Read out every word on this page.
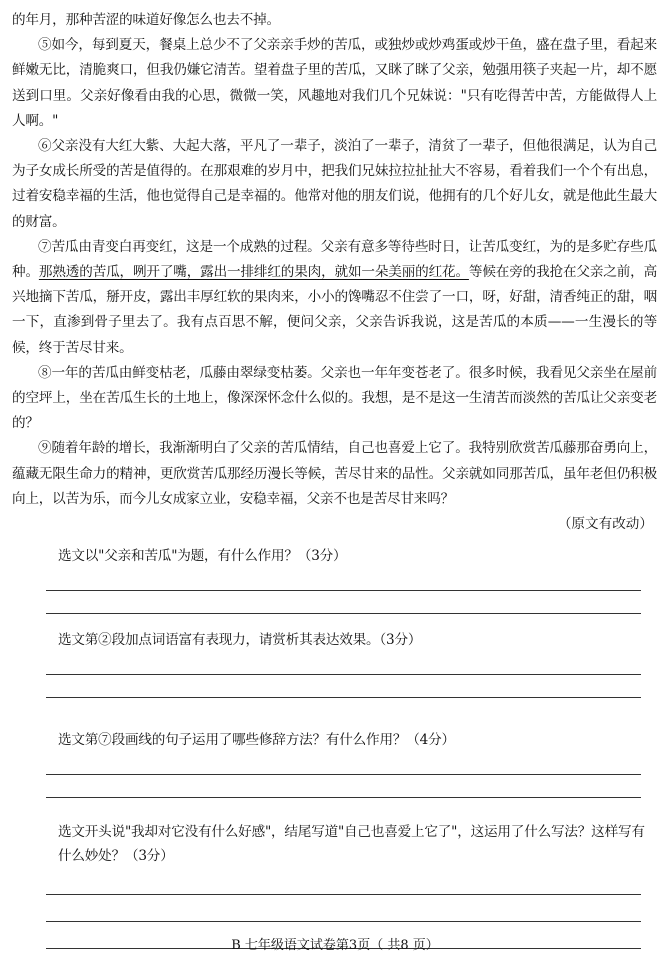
的年月，那种苦涩的味道好像怎么也去不掉。

⑤如今，每到夏天，餐桌上总少不了父亲亲手炒的苦瓜，或独炒或炒鸡蛋或炒干鱼，盛在盘子里，看起来鲜嫩无比，清脆爽口，但我仍嫌它清苦。望着盘子里的苦瓜，又眯了眯了父亲，勉强用筷子夹起一片，却不愿送到口里。父亲好像看由我的心思，微微一笑，风趣地对我们几个兄妹说："只有吃得苦中苦，方能做得人上人啊。"

⑥父亲没有大红大紫、大起大落，平凡了一辈子，淡泊了一辈子，清贫了一辈子，但他很满足，认为自己为子女成长所受的苦是值得的。在那艰难的岁月中，把我们兄妹拉拉扯扯大不容易，看着我们一个个有出息，过着安稳幸福的生活，他也觉得自己是幸福的。他常对他的朋友们说，他拥有的几个好儿女，就是他此生最大的财富。

⑦苦瓜由青变白再变红，这是一个成熟的过程。父亲有意多等待些时日，让苦瓜变红，为的是多贮存些瓜种。那熟透的苦瓜，咧开了嘴，露出一排绯红的果肉，就如一朵美丽的红花。等候在旁的我抢在父亲之前，高兴地摘下苦瓜，掰开皮，露出丰厚红软的果肉来，小小的馋嘴忍不住尝了一口，呀，好甜，清香纯正的甜，咽一下，直渗到骨子里去了。我有点百思不解，便问父亲，父亲告诉我说，这是苦瓜的本质——一生漫长的等候，终于苦尽甘来。

⑧一年的苦瓜由鲜变枯老，瓜藤由翠绿变枯萎。父亲也一年年变苍老了。很多时候，我看见父亲坐在屋前的空坪上，坐在苦瓜生长的土地上，像深深怀念什么似的。我想，是不是这一生清苦而淡然的苦瓜让父亲变老的？

⑨随着年龄的增长，我渐渐明白了父亲的苦瓜情结，自己也喜爱上它了。我特别欣赏苦瓜藤那奋勇向上，蕴藏无限生命力的精神，更欣赏苦瓜那经历漫长等候，苦尽甘来的品性。父亲就如同那苦瓜，虽年老但仍积极向上，以苦为乐，而今儿女成家立业，安稳幸福，父亲不也是苦尽甘来吗？

（原文有改动）

选文以"父亲和苦瓜"为题，有什么作用？（3分）
选文第②段加点词语富有表现力，请赏析其表达效果。（3分）
选文第⑦段画线的句子运用了哪些修辞方法？有什么作用？（4分）
选文开头说"我却对它没有什么好感"，结尾写道"自己也喜爱上它了"，这运用了什么写法？这样写有什么妙处？（3分）
B 七年级语文试卷第3页（ 共8 页）
